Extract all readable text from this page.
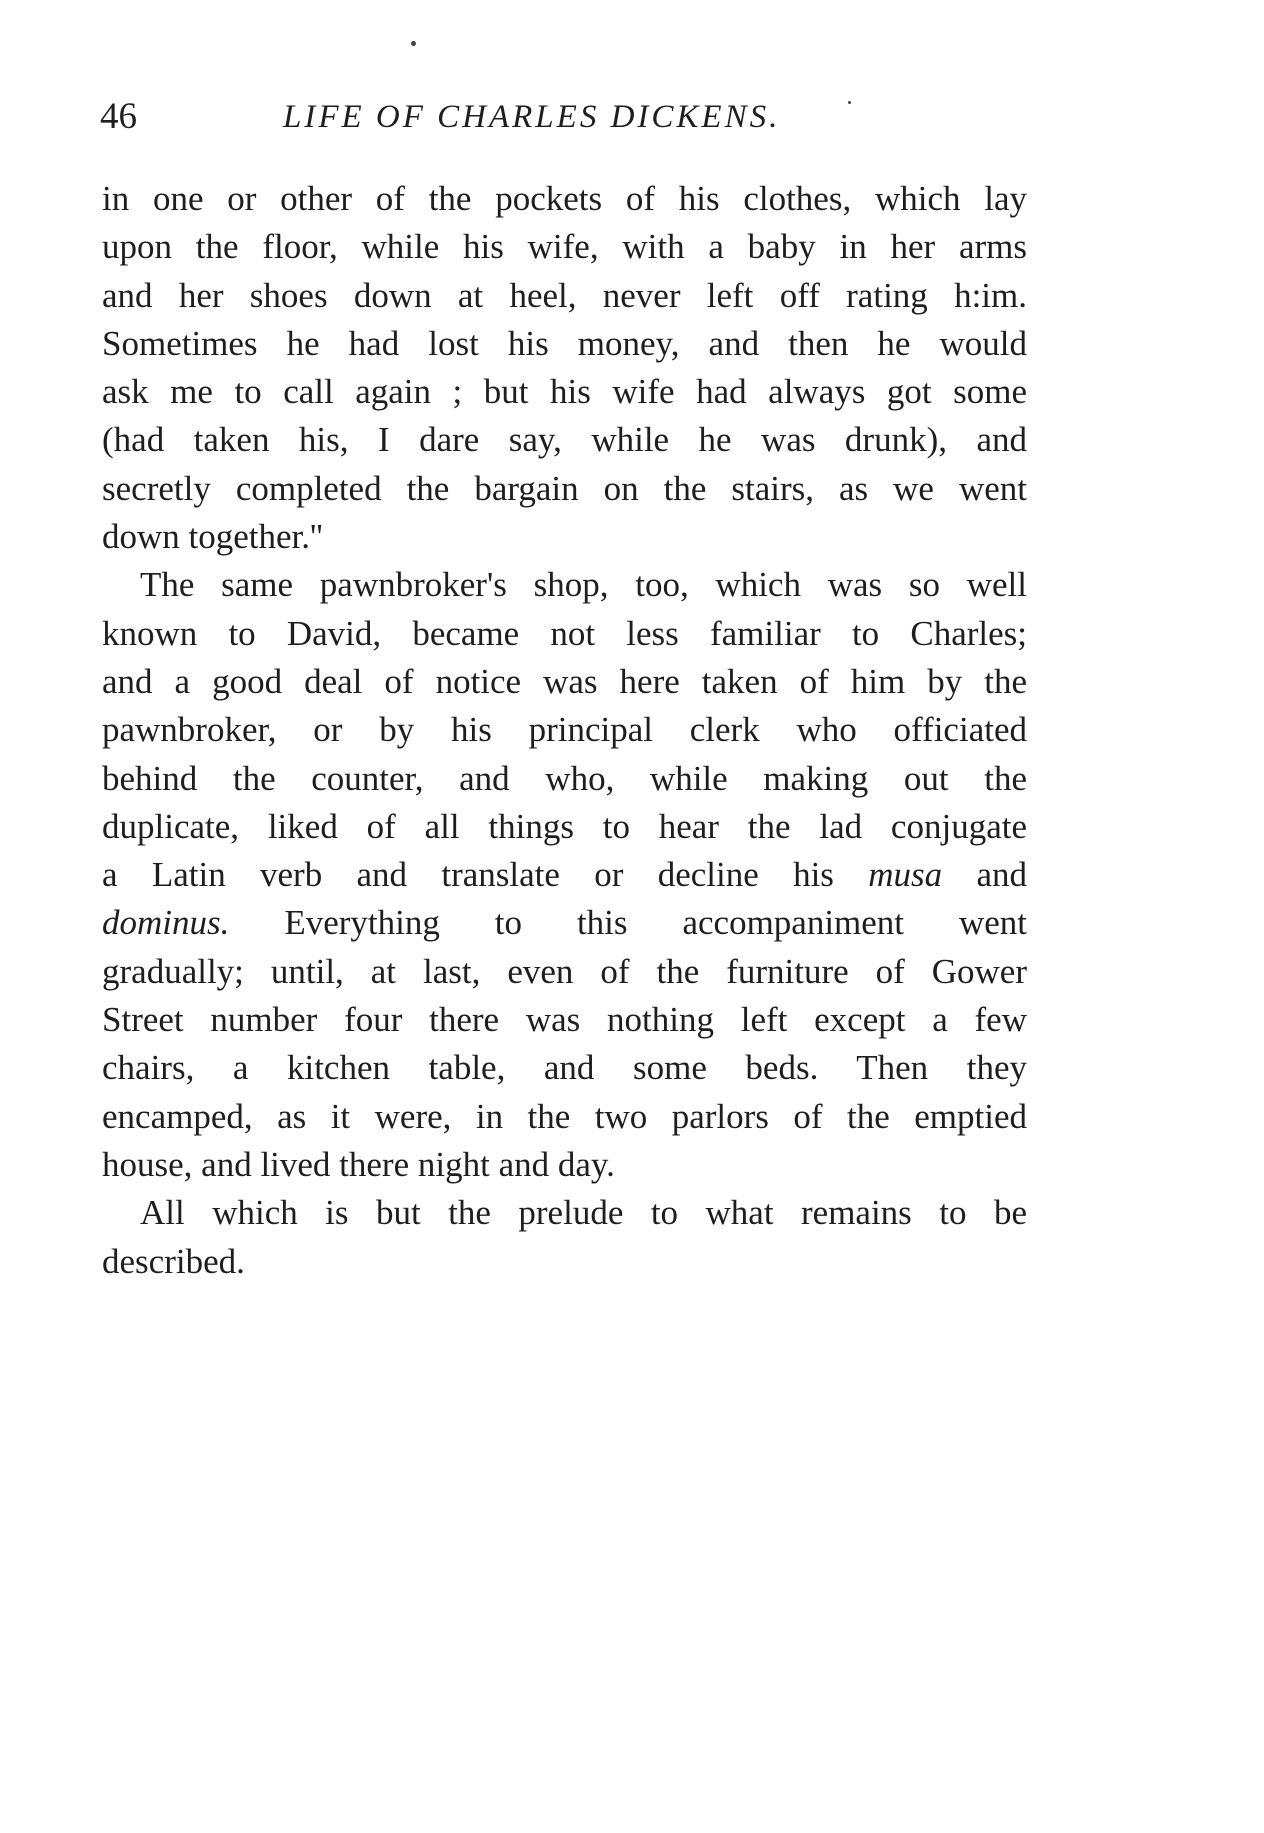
46	LIFE OF CHARLES DICKENS.
in one or other of the pockets of his clothes, which lay
upon the floor, while his wife, with a baby in her arms
and her shoes down at heel, never left off rating h:im.
Sometimes he had lost his money, and then he would
ask me to call again ; but his wife had always got some
(had taken his, I dare say, while he was drunk), and
secretly completed the bargain on the stairs, as we went
down together.''
The same pawnbroker's shop, too, which was so well
known to David, became not less familiar to Charles;
and a good deal of notice was here taken of him by the
pawnbroker, or by his principal clerk who officiated
behind the counter, and who, while making out the
duplicate, liked of all things to hear the lad conjugate
a Latin verb and translate or decline his musa and
dominus. Everything to this accompaniment went
gradually; until, at last, even of the furniture of Gower
Street number four there was nothing left except a few
chairs, a kitchen table, and some beds. Then they
encamped, as it were, in the two parlors of the emptied
house, and lived there night and day.
All which is but the prelude to what remains to be
described.
